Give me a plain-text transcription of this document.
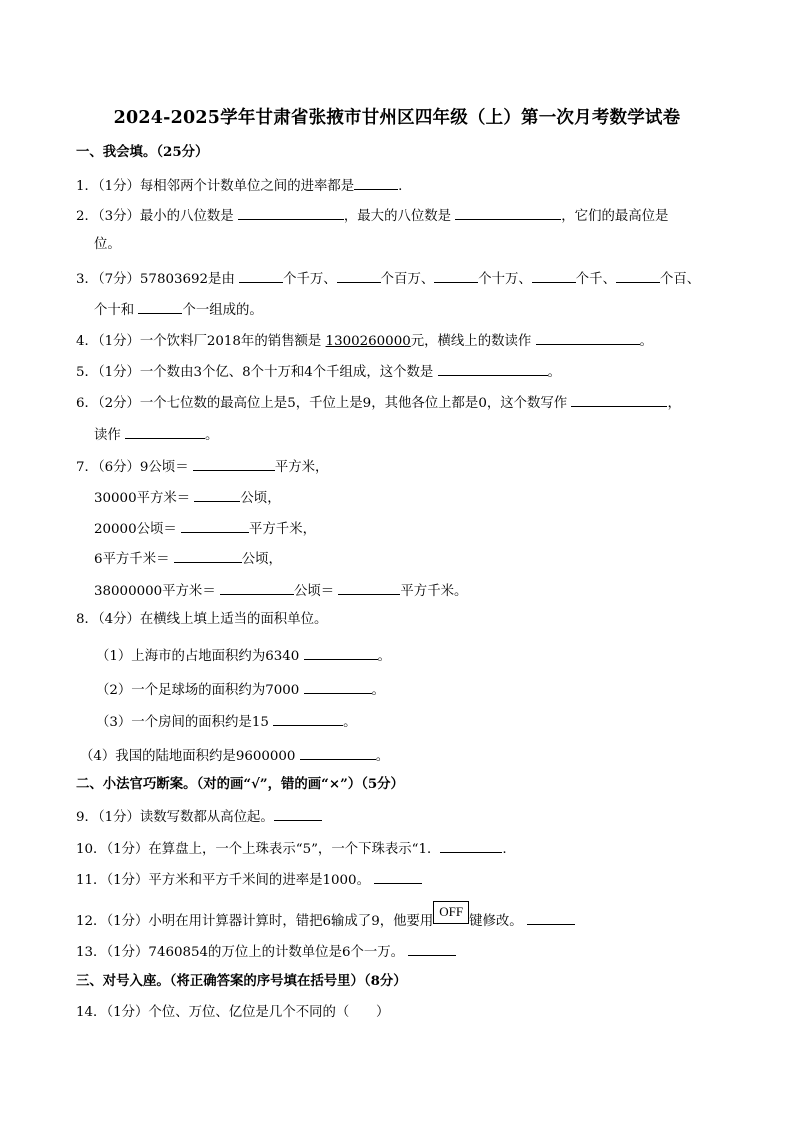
2024-2025学年甘肃省张掖市甘州区四年级（上）第一次月考数学试卷
一、我会填。（25分）
1．（1分）每相邻两个计数单位之间的进率都是	.
2．（3分）最小的八位数是	，最大的八位数是	，它们的最高位是
位。
3．（7分）57803692是由	个千万、	个百万、	个十万、	个千、	个百、
个十和	个一组成的。
4．（1分）一个饮料厂2018年的销售额是 1300260000元，横线上的数读作	。
5．（1分）一个数由3个亿、8个十万和4个千组成，这个数是	。
6．（2分）一个七位数的最高位上是5，千位上是9，其他各位上都是0，这个数写作	，
读作	。
7．（6分）9公顷＝	平方米，
30000平方米＝	公顷，
20000公顷＝	平方千米，
6平方千米＝	公顷，
38000000平方米＝	公顷＝	平方千米。
8．（4分）在横线上填上适当的面积单位。
（1）上海市的占地面积约为6340	。
（2）一个足球场的面积约为7000	。
（3）一个房间的面积约是15	。
（4）我国的陆地面积约是9600000	。
二、小法官巧断案。（对的画“√”，错的画“×”）（5分）
9．（1分）读数写数都从高位起。
10．（1分）在算盘上，一个上珠表示“5”，一个下珠表示“1．	.
11．（1分）平方米和平方千米间的进率是1000。
12．（1分）小明在用计算器计算时，错把6输成了9，他要用OFF键修改。
13．（1分）7460854的万位上的计数单位是6个一万。
三、对号入座。（将正确答案的序号填在括号里）（8分）
14．（1分）个位、万位、亿位是几个不同的（　　）
